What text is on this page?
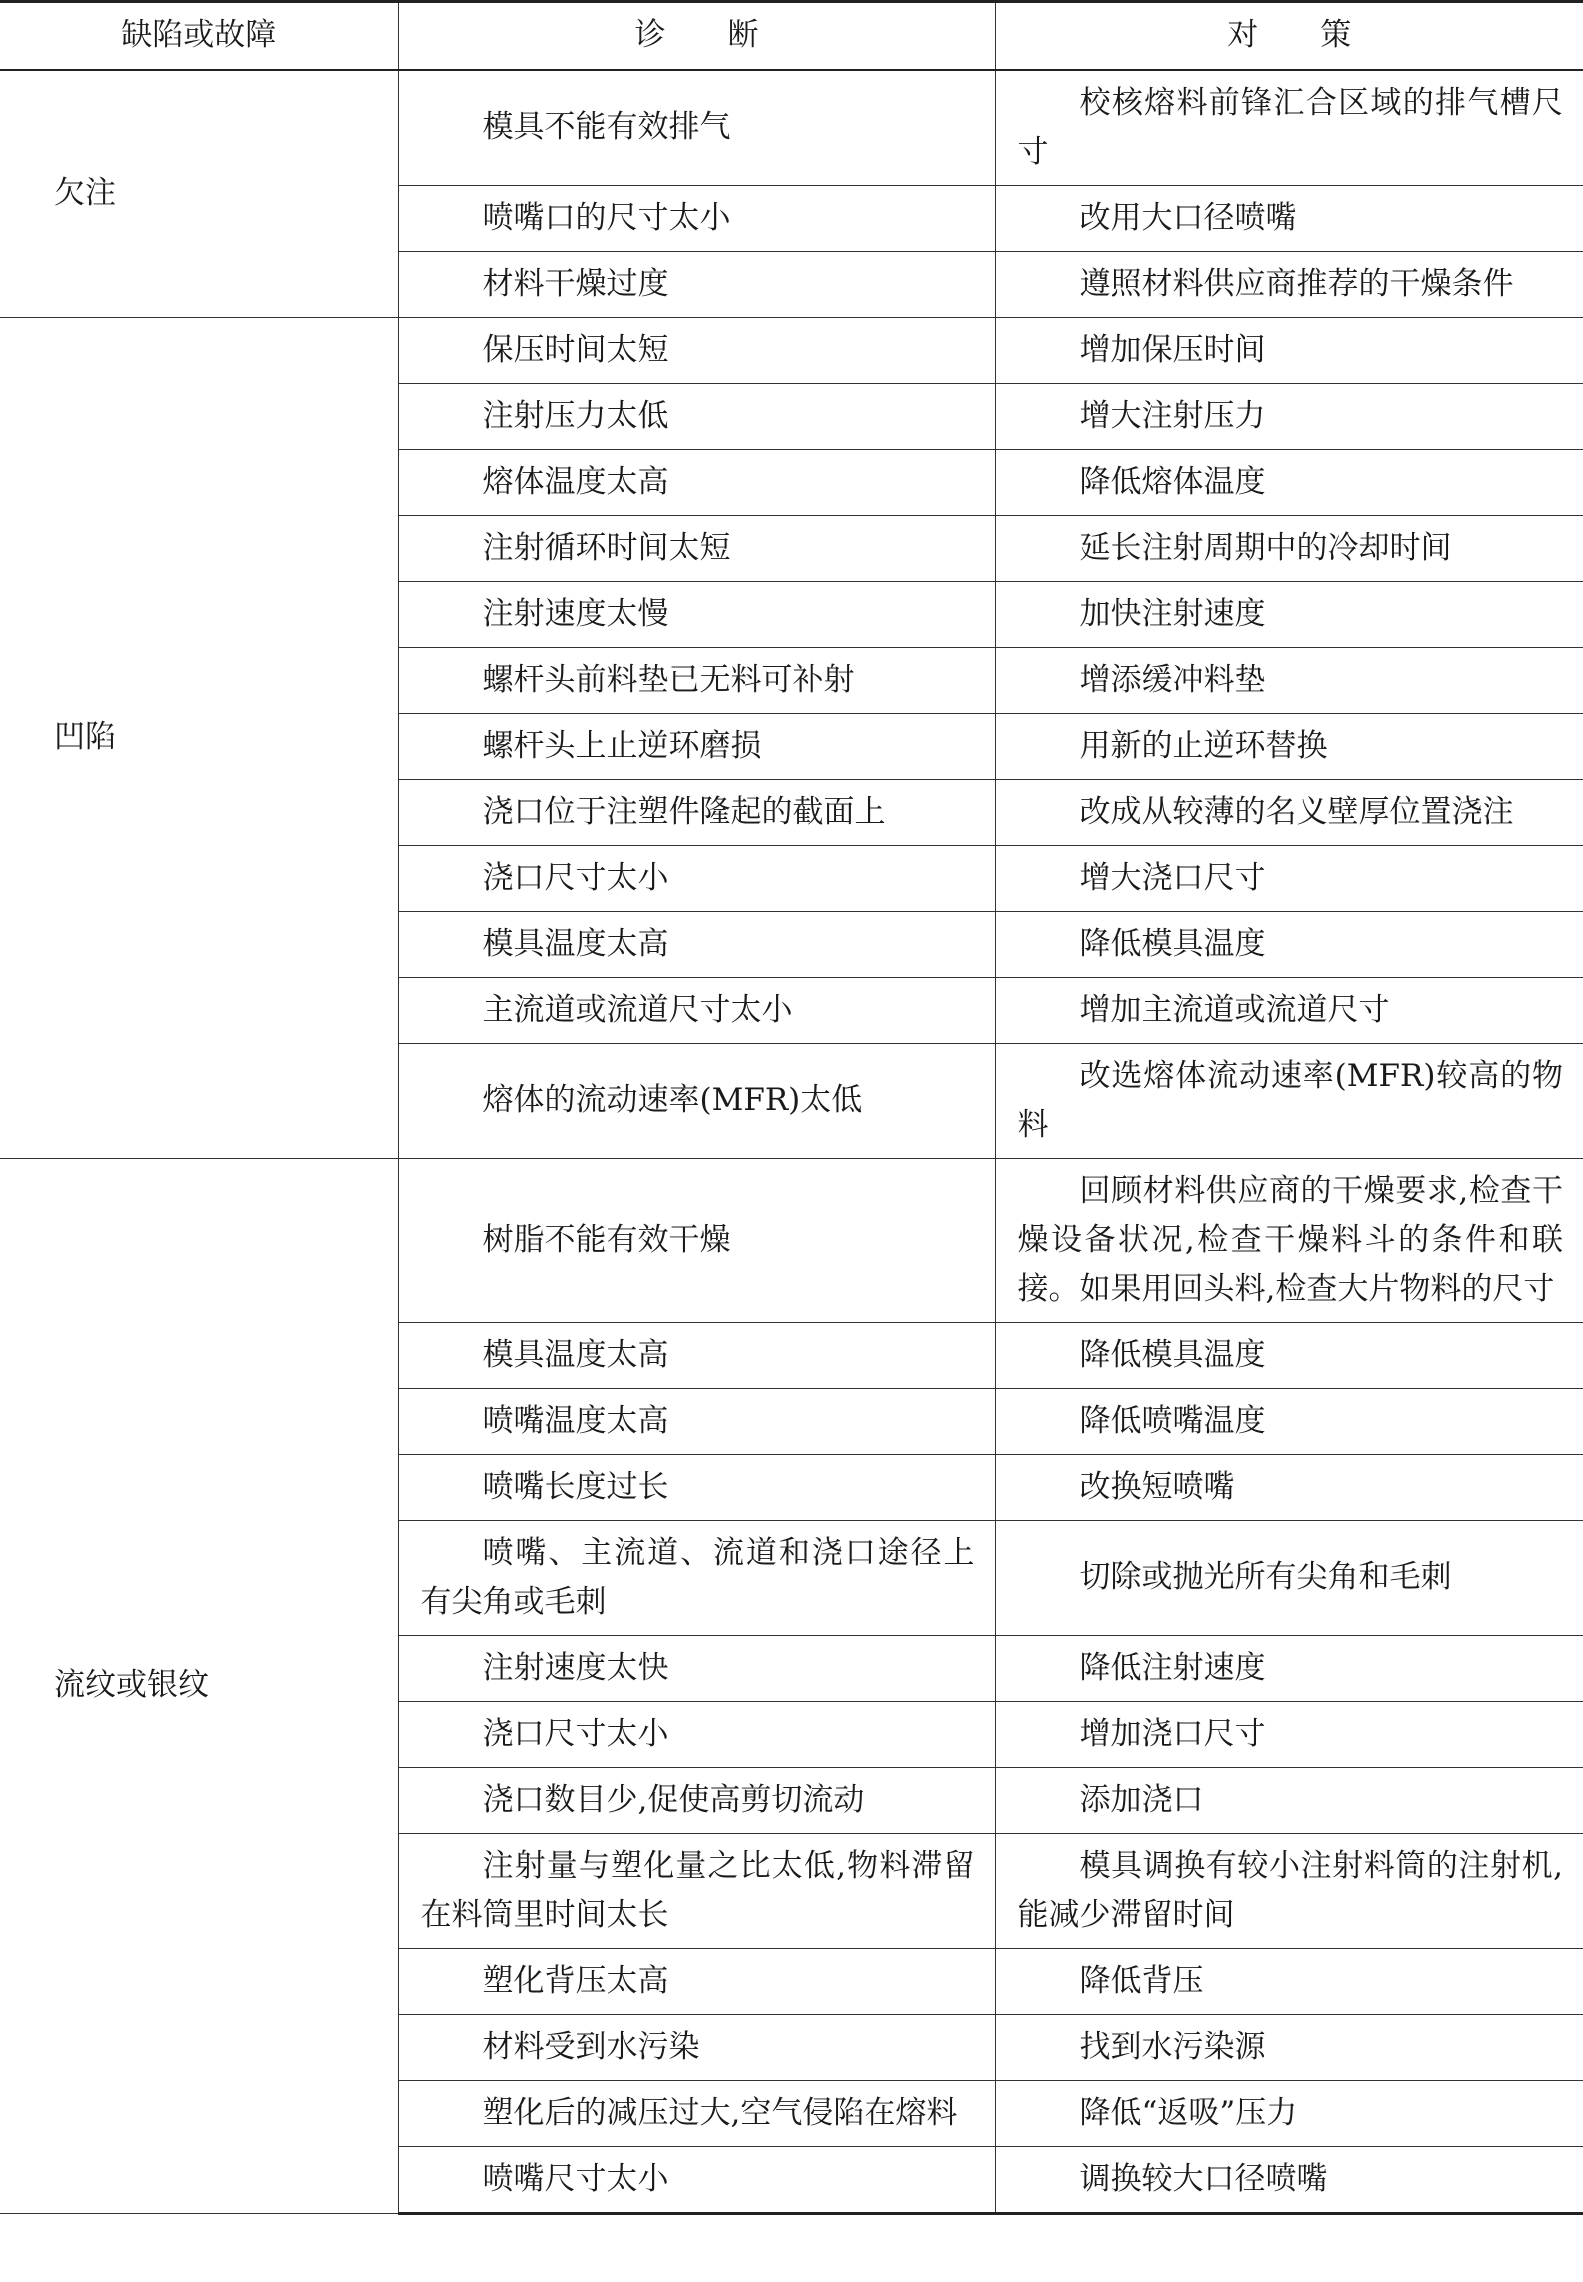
缺陷或故障	诊　　断	对　　策
欠注	模具不能有效排气	校核熔料前锋汇合区域的排气槽尺寸
	喷嘴口的尺寸太小	改用大口径喷嘴
	材料干燥过度	遵照材料供应商推荐的干燥条件
凹陷	保压时间太短	增加保压时间
	注射压力太低	增大注射压力
	熔体温度太高	降低熔体温度
	注射循环时间太短	延长注射周期中的冷却时间
	注射速度太慢	加快注射速度
	螺杆头前料垫已无料可补射	增添缓冲料垫
	螺杆头上止逆环磨损	用新的止逆环替换
	浇口位于注塑件隆起的截面上	改成从较薄的名义壁厚位置浇注
	浇口尺寸太小	增大浇口尺寸
	模具温度太高	降低模具温度
	主流道或流道尺寸太小	增加主流道或流道尺寸
	熔体的流动速率(MFR)太低	改选熔体流动速率(MFR)较高的物料
流纹或银纹	树脂不能有效干燥	回顾材料供应商的干燥要求,检查干燥设备状况,检查干燥料斗的条件和联接。如果用回头料,检查大片物料的尺寸
	模具温度太高	降低模具温度
	喷嘴温度太高	降低喷嘴温度
	喷嘴长度过长	改换短喷嘴
	喷嘴、主流道、流道和浇口途径上有尖角或毛刺	切除或抛光所有尖角和毛刺
	注射速度太快	降低注射速度
	浇口尺寸太小	增加浇口尺寸
	浇口数目少,促使高剪切流动	添加浇口
	注射量与塑化量之比太低,物料滞留在料筒里时间太长	模具调换有较小注射料筒的注射机,能减少滞留时间
	塑化背压太高	降低背压
	材料受到水污染	找到水污染源
	塑化后的减压过大,空气侵陷在熔料	降低“返吸”压力
	喷嘴尺寸太小	调换较大口径喷嘴
